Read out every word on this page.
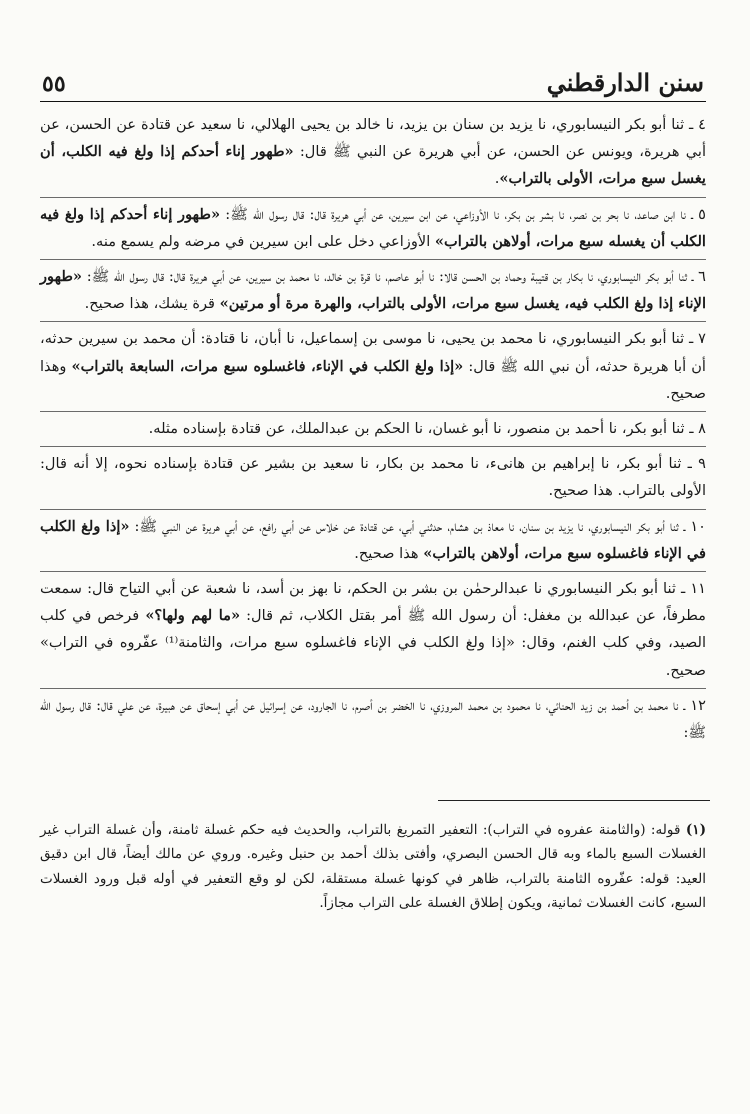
سنن الدارقطني
٥٥
٤ ـ ثنا أبو بكر النيسابوري، نا يزيد بن سنان بن يزيد، نا خالد بن يحيى الهلالي، نا سعيد عن قتادة عن الحسن، عن أبي هريرة، ويونس عن الحسن، عن أبي هريرة عن النبي ﷺ قال: «طهور إناء أحدكم إذا ولغ فيه الكلب، أن يغسل سبع مرات، الأولى بالتراب».
٥ ـ نا ابن صاعد، نا بحر بن نصر، نا بشر بن بكر، نا الأوزاعي، عن ابن سيرين، عن أبي هريرة قال: قال رسول الله ﷺ: «طهور إناء أحدكم إذا ولغ فيه الكلب أن يغسله سبع مرات، أولاهن بالتراب» الأوزاعي دخل على ابن سيرين في مرضه ولم يسمع منه.
٦ ـ ثنا أبو بكر النيسابوري، نا بكار بن قتيبة وحماد بن الحسن قالا: نا أبو عاصم، نا قرة بن خالد، نا محمد بن سيرين، عن أبي هريرة قال: قال رسول الله ﷺ: «طهور الإناء إذا ولغ الكلب فيه، يغسل سبع مرات، الأولى بالتراب، والهرة مرة أو مرتين» قرة يشك، هذا صحيح.
٧ ـ ثنا أبو بكر النيسابوري، نا محمد بن يحيى، نا موسى بن إسماعيل، نا أبان، نا قتادة: أن محمد بن سيرين حدثه، أن أبا هريرة حدثه، أن نبي الله ﷺ قال: «إذا ولغ الكلب في الإناء، فاغسلوه سبع مرات، السابعة بالتراب» وهذا صحيح.
٨ ـ ثنا أبو بكر، نا أحمد بن منصور، نا أبو غسان، نا الحكم بن عبدالملك، عن قتادة بإسناده مثله.
٩ ـ ثنا أبو بكر، نا إبراهيم بن هانىء، نا محمد بن بكار، نا سعيد بن بشير عن قتادة بإسناده نحوه، إلا أنه قال: الأولى بالتراب. هذا صحيح.
١٠ ـ ثنا أبو بكر النيسابوري، نا يزيد بن سنان، نا معاذ بن هشام، حدثني أبي، عن قتادة عن خلاس عن أبي رافع، عن أبي هريرة عن النبي ﷺ: «إذا ولغ الكلب في الإناء فاغسلوه سبع مرات، أولاهن بالتراب» هذا صحيح.
١١ ـ ثنا أبو بكر النيسابوري نا عبدالرحمٰن بن بشر بن الحكم، نا بهز بن أسد، نا شعبة عن أبي التياح قال: سمعت مطرفاً، عن عبدالله بن مغفل: أن رسول الله ﷺ أمر بقتل الكلاب، ثم قال: «ما لهم ولها؟» فرخص في كلب الصيد، وفي كلب الغنم، وقال: «إذا ولغ الكلب في الإناء فاغسلوه سبع مرات، والثامنة⁽¹⁾ عفّروه في التراب» صحيح.
١٢ ـ نا محمد بن أحمد بن زيد الحنائي، نا محمود بن محمد المروزي، نا الخضر بن أصرم، نا الجارود، عن إسرائيل عن أبي إسحاق عن هبيرة، عن علي قال: قال رسول الله ﷺ:
(١) قوله: (والثامنة عفروه في التراب): التعفير التمريغ بالتراب، والحديث فيه حكم غسلة ثامنة، وأن غسلة التراب غير الغسلات السبع بالماء وبه قال الحسن البصري، وأفتى بذلك أحمد بن حنبل وغيره. وروي عن مالك أيضاً، قال ابن دقيق العيد: قوله: عفّروه الثامنة بالتراب، ظاهر في كونها غسلة مستقلة، لكن لو وقع التعفير في أوله قبل ورود الغسلات السبع، كانت الغسلات ثمانية، ويكون إطلاق الغسلة على التراب مجازاً.
